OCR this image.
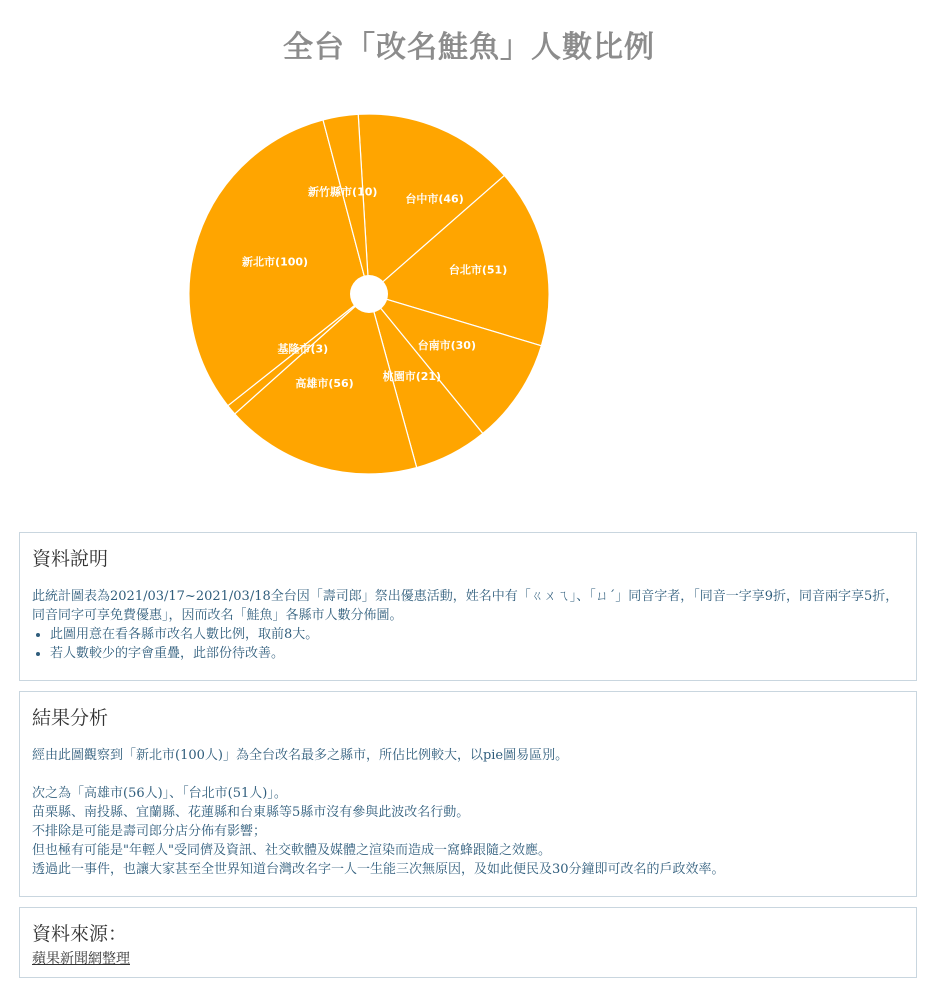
全台「改名鮭魚」人數比例
台中市(46)
台北市(51)
台南市(30)
桃園市(21)
高雄市(56)
基隆市(3)
新北市(100)
新竹縣市(10)
資料說明

此統計圖表為2021/03/17~2021/03/18全台因「壽司郎」祭出優惠活動，姓名中有「ㄍㄨㄟ」、「ㄩˊ」同音字者，「同音一字享9折，同音兩字享5折，同音同字可享免費優惠」，因而改名「鮭魚」各縣市人數分佈圖。

• 此圖用意在看各縣市改名人數比例，取前8大。
• 若人數較少的字會重疊，此部份待改善。
結果分析

經由此圖觀察到「新北市(100人)」為全台改名最多之縣市，所佔比例較大，以pie圖易區別。

次之為「高雄市(56人)」、「台北市(51人)」。
苗栗縣、南投縣、宜蘭縣、花蓮縣和台東縣等5縣市沒有參與此波改名行動。
不排除是可能是壽司郎分店分佈有影響；
但也極有可能是"年輕人"受同儕及資訊、社交軟體及媒體之渲染而造成一窩蜂跟隨之效應。
透過此一事件，也讓大家甚至全世界知道台灣改名字一人一生能三次無原因，及如此便民及30分鐘即可改名的戶政效率。
資料來源：
蘋果新聞網整理
